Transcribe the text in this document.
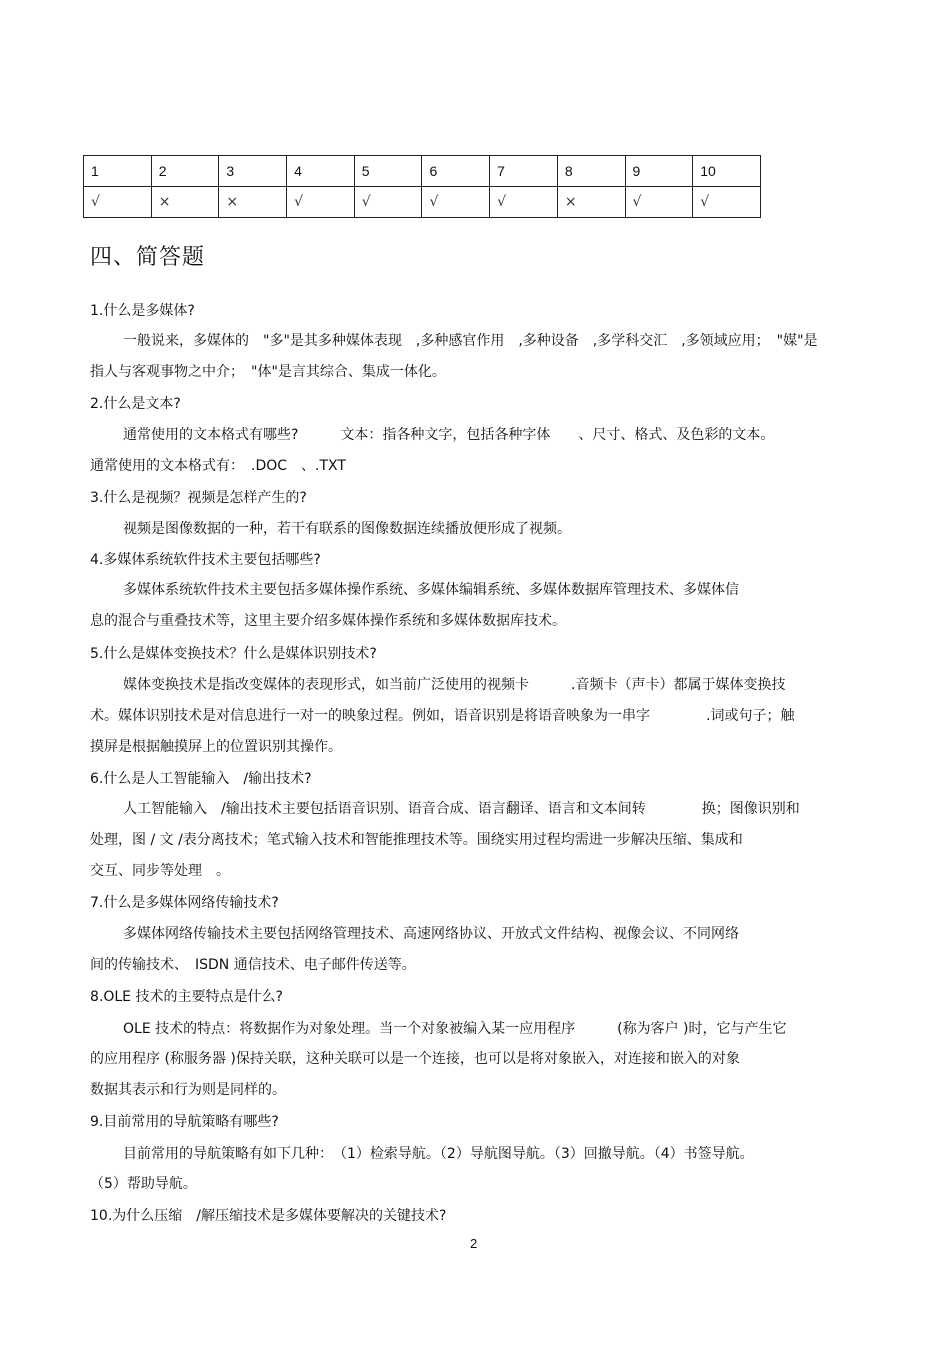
1	2	3	4	5	6	7	8	9	10
√	×	×	√	√	√	√	×	√	√
四、简答题

1.什么是多媒体?

一般说来，多媒体的　"多"是其多种媒体表现　,多种感官作用　,多种设备　,多学科交汇　,多领域应用；　"媒"是

指人与客观事物之中介；　"体"是言其综合、集成一体化。

2.什么是文本?

通常使用的文本格式有哪些?　　　文本：指各种文字，包括各种字体　　、尺寸、格式、及色彩的文本。

通常使用的文本格式有：　.DOC　、.TXT

3.什么是视频？视频是怎样产生的?

视频是图像数据的一种，若干有联系的图像数据连续播放便形成了视频。

4.多媒体系统软件技术主要包括哪些?

多媒体系统软件技术主要包括多媒体操作系统、多媒体编辑系统、多媒体数据库管理技术、多媒体信

息的混合与重叠技术等，这里主要介绍多媒体操作系统和多媒体数据库技术。

5.什么是媒体变换技术？什么是媒体识别技术?

媒体变换技术是指改变媒体的表现形式，如当前广泛使用的视频卡　　　.音频卡（声卡）都属于媒体变换技

术。媒体识别技术是对信息进行一对一的映象过程。例如，语音识别是将语音映象为一串字　　　　.词或句子；触

摸屏是根据触摸屏上的位置识别其操作。

6.什么是人工智能输入　/输出技术?

人工智能输入　/输出技术主要包括语音识别、语音合成、语言翻译、语言和文本间转　　　　换；图像识别和

处理，图 / 文 /表分离技术；笔式输入技术和智能推理技术等。围绕实用过程均需进一步解决压缩、集成和

交互、同步等处理　。

7.什么是多媒体网络传输技术?

多媒体网络传输技术主要包括网络管理技术、高速网络协议、开放式文件结构、视像会议、不同网络

间的传输技术、　ISDN 通信技术、电子邮件传送等。

8.OLE 技术的主要特点是什么?

OLE 技术的特点：将数据作为对象处理。当一个对象被编入某一应用程序　　　(称为客户 )时，它与产生它

的应用程序 (称服务器 )保持关联，这种关联可以是一个连接，也可以是将对象嵌入，对连接和嵌入的对象

数据其表示和行为则是同样的。

9.目前常用的导航策略有哪些?

目前常用的导航策略有如下几种：　（1）检索导航。（2）导航图导航。（3）回撤导航。（4）书签导航。

（5）帮助导航。

10.为什么压缩　/解压缩技术是多媒体要解决的关键技术?

2
